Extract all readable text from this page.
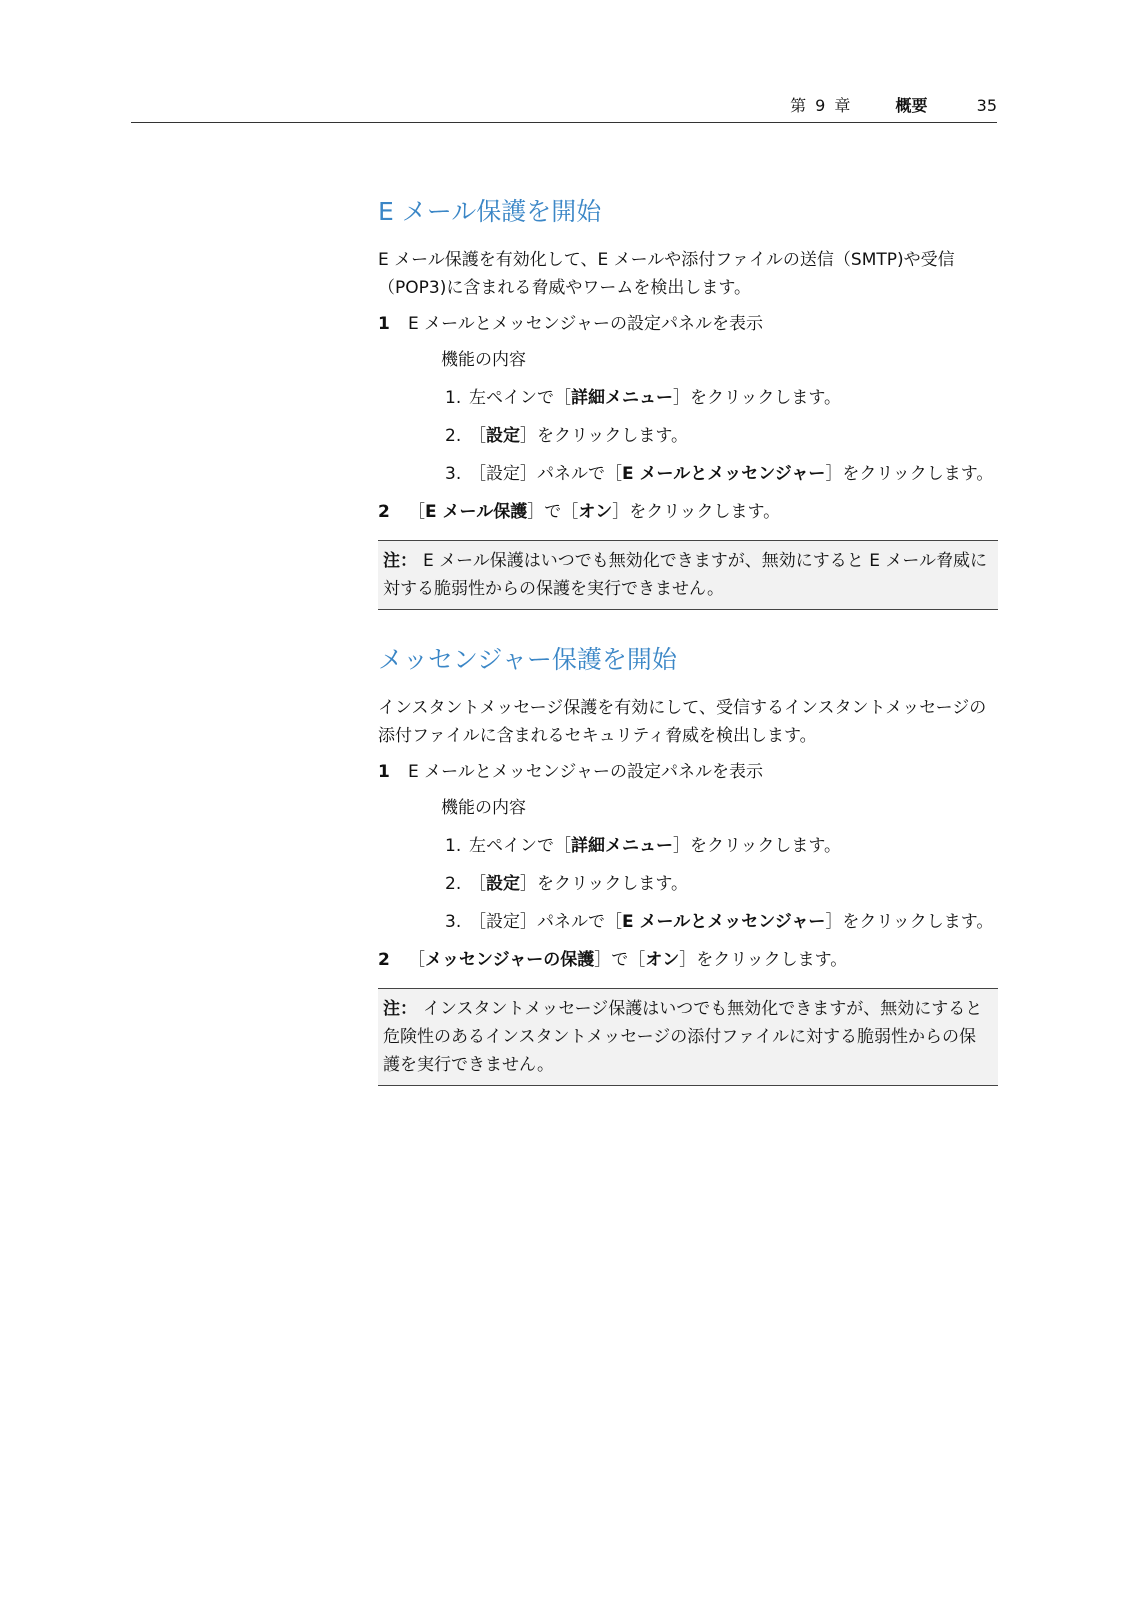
第 9 章	概要	35
E メール保護を開始
E メール保護を有効化して、E メールや添付ファイルの送信（SMTP)や受信（POP3)に含まれる脅威やワームを検出します。
1 E メールとメッセンジャーの設定パネルを表示
機能の内容
1. 左ペインで［詳細メニュー］をクリックします。
2. ［設定］をクリックします。
3. ［設定］パネルで［E メールとメッセンジャー］をクリックします。
2 ［E メール保護］で［オン］をクリックします。
注： E メール保護はいつでも無効化できますが、無効にすると E メール脅威に対する脆弱性からの保護を実行できません。
メッセンジャー保護を開始
インスタントメッセージ保護を有効にして、受信するインスタントメッセージの添付ファイルに含まれるセキュリティ脅威を検出します。
1 E メールとメッセンジャーの設定パネルを表示
機能の内容
1. 左ペインで［詳細メニュー］をクリックします。
2. ［設定］をクリックします。
3. ［設定］パネルで［E メールとメッセンジャー］をクリックします。
2 ［メッセンジャーの保護］で［オン］をクリックします。
注： インスタントメッセージ保護はいつでも無効化できますが、無効にすると危険性のあるインスタントメッセージの添付ファイルに対する脆弱性からの保護を実行できません。
